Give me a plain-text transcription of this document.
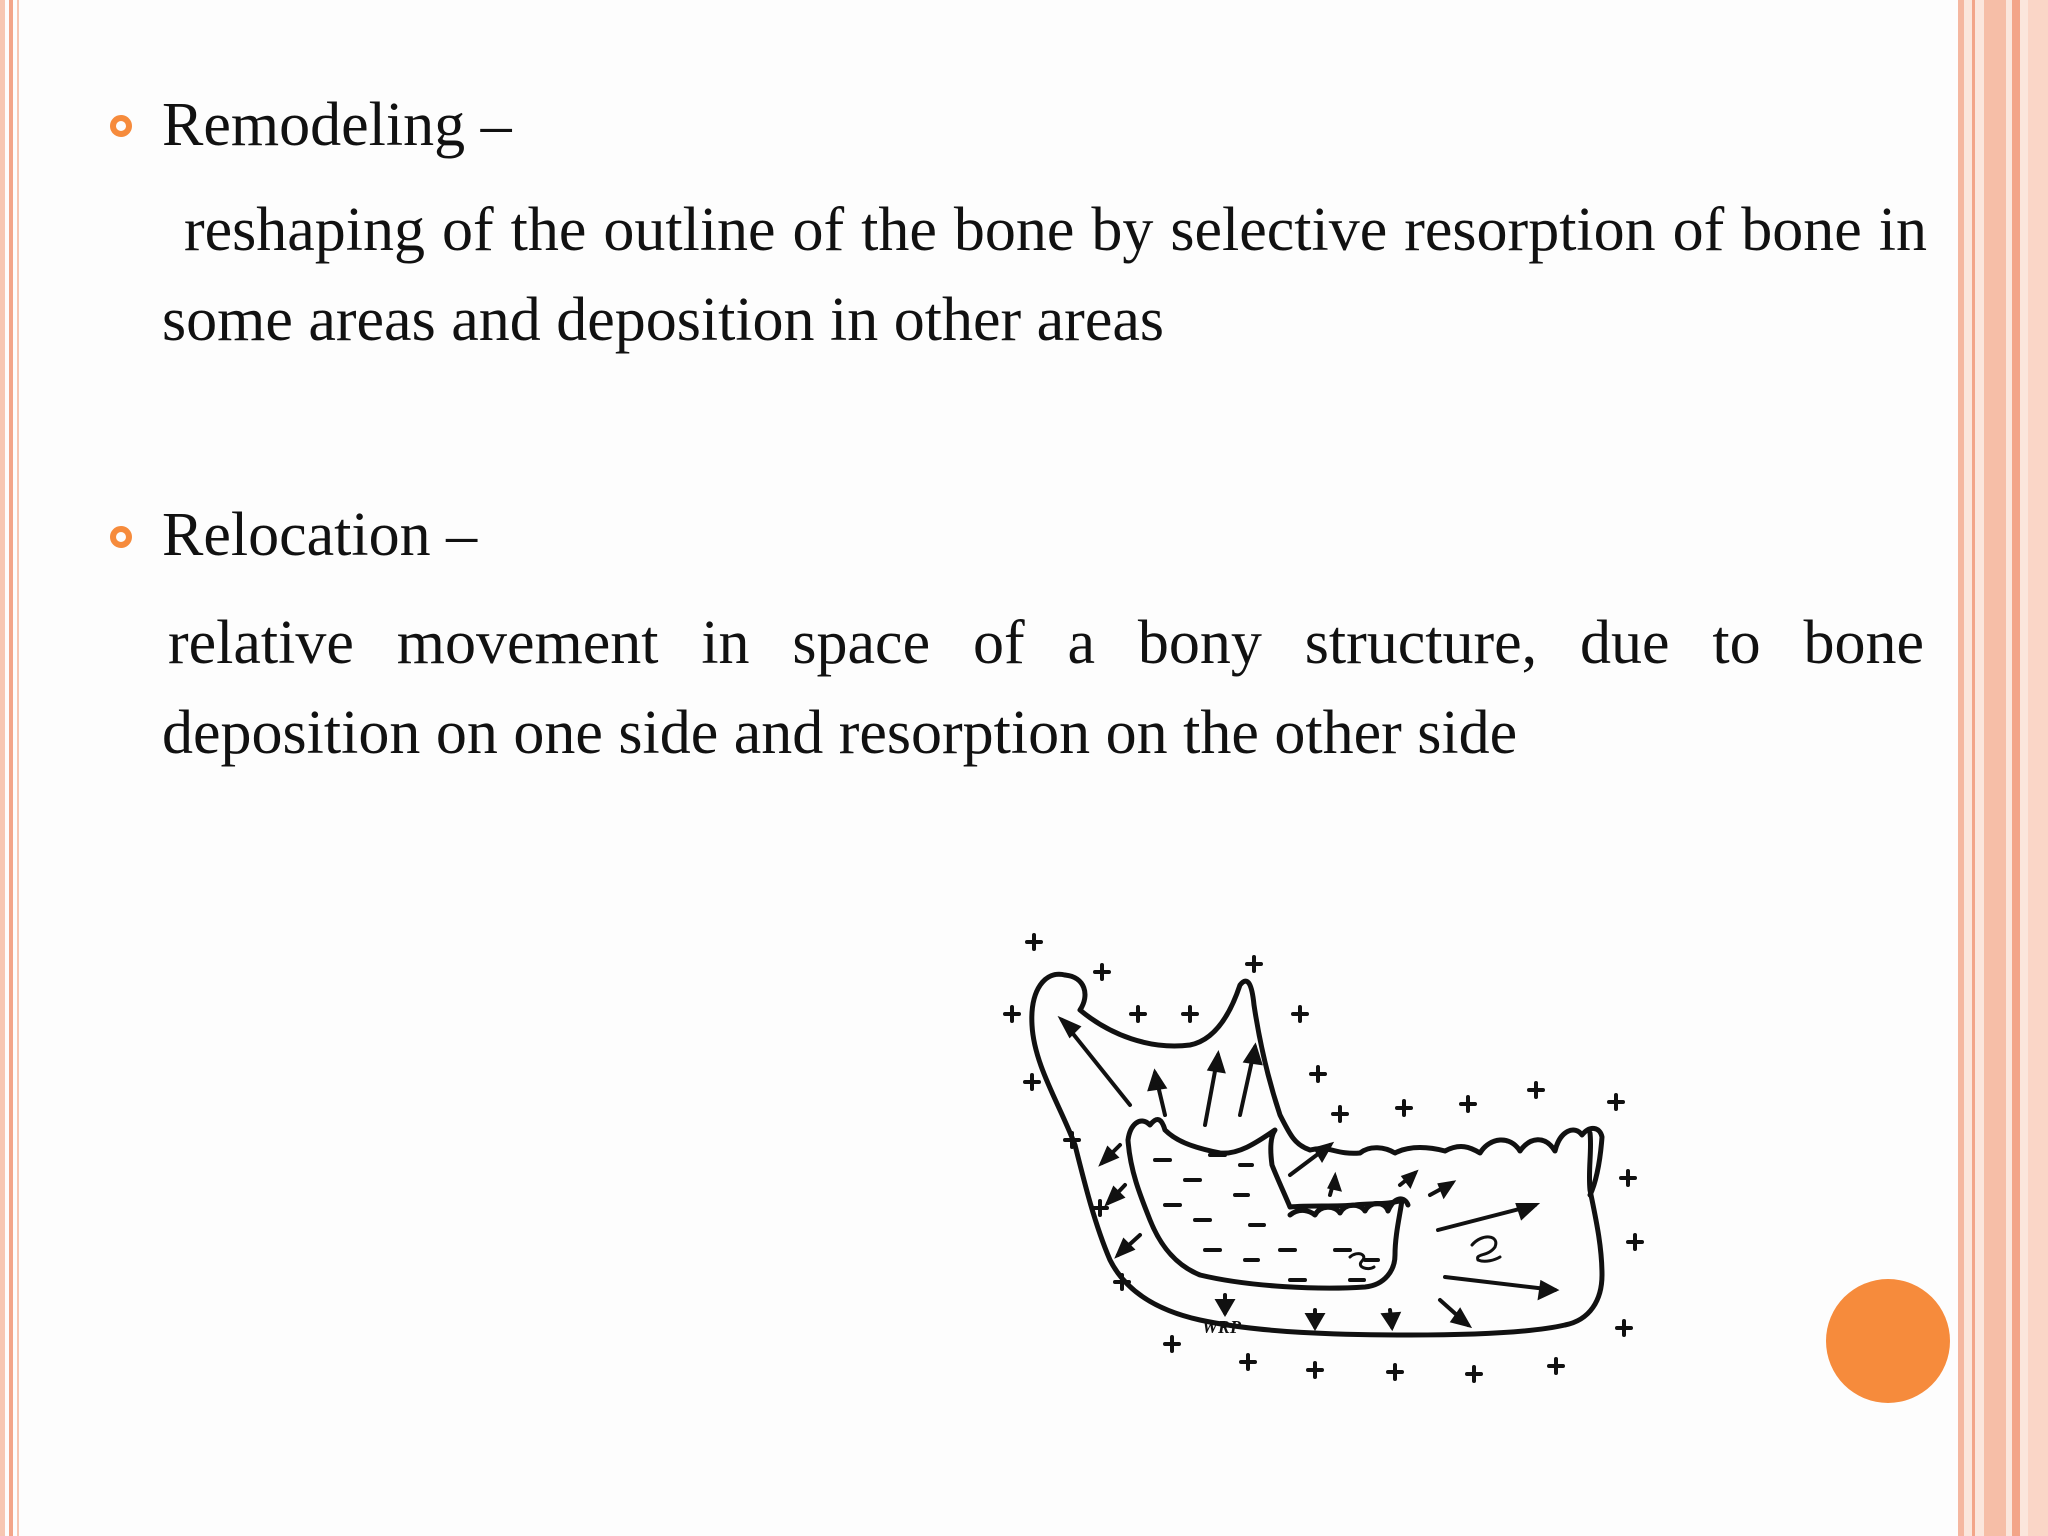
Remodeling –
reshaping of the outline of the bone by selective resorption of bone in some areas and deposition in other areas
Relocation –
relative movement in space of a bony structure, due to bone deposition on one side and resorption on the other side
WRP
